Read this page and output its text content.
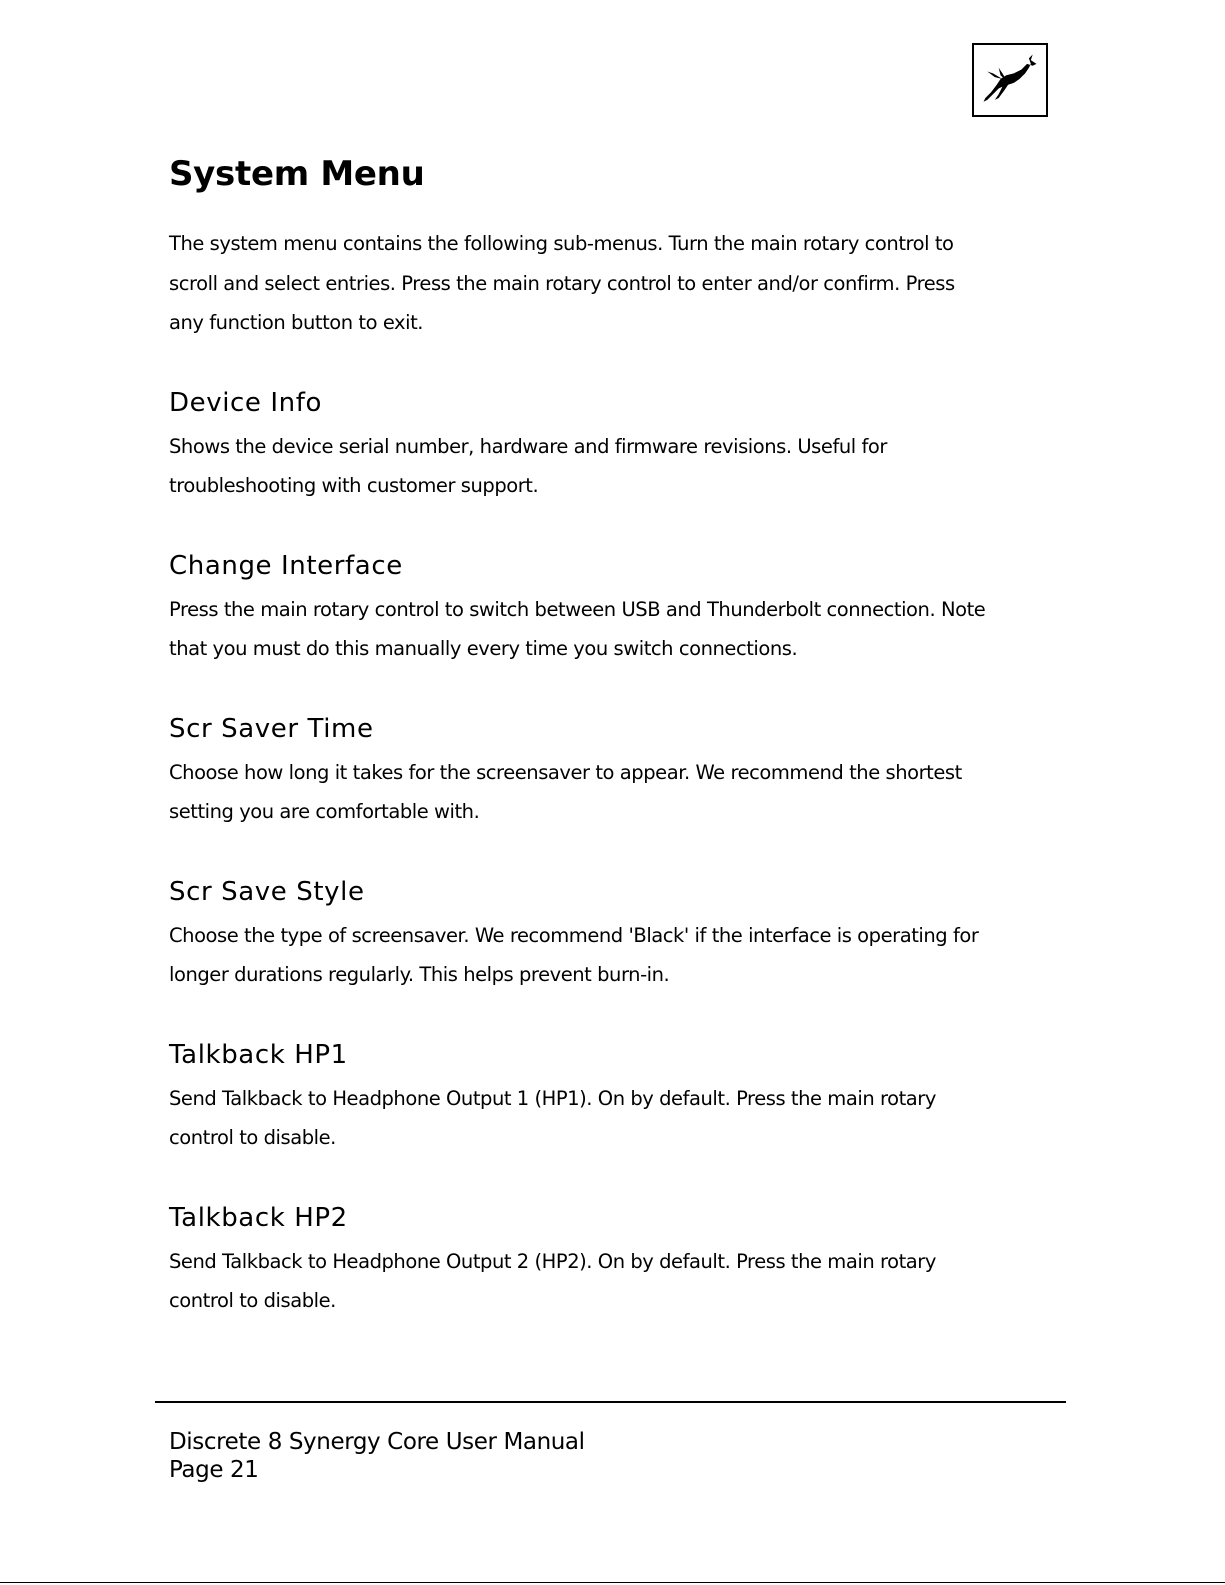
System Menu

The system menu contains the following sub-menus. Turn the main rotary control to
scroll and select entries. Press the main rotary control to enter and/or confirm. Press
any function button to exit.

Device Info

Shows the device serial number, hardware and firmware revisions. Useful for
troubleshooting with customer support.

Change Interface

Press the main rotary control to switch between USB and Thunderbolt connection. Note
that you must do this manually every time you switch connections.

Scr Saver Time

Choose how long it takes for the screensaver to appear. We recommend the shortest
setting you are comfortable with.

Scr Save Style

Choose the type of screensaver. We recommend 'Black' if the interface is operating for
longer durations regularly. This helps prevent burn-in.

Talkback HP1

Send Talkback to Headphone Output 1 (HP1). On by default. Press the main rotary
control to disable.

Talkback HP2

Send Talkback to Headphone Output 2 (HP2). On by default. Press the main rotary
control to disable.

Discrete 8 Synergy Core User Manual
Page 21
